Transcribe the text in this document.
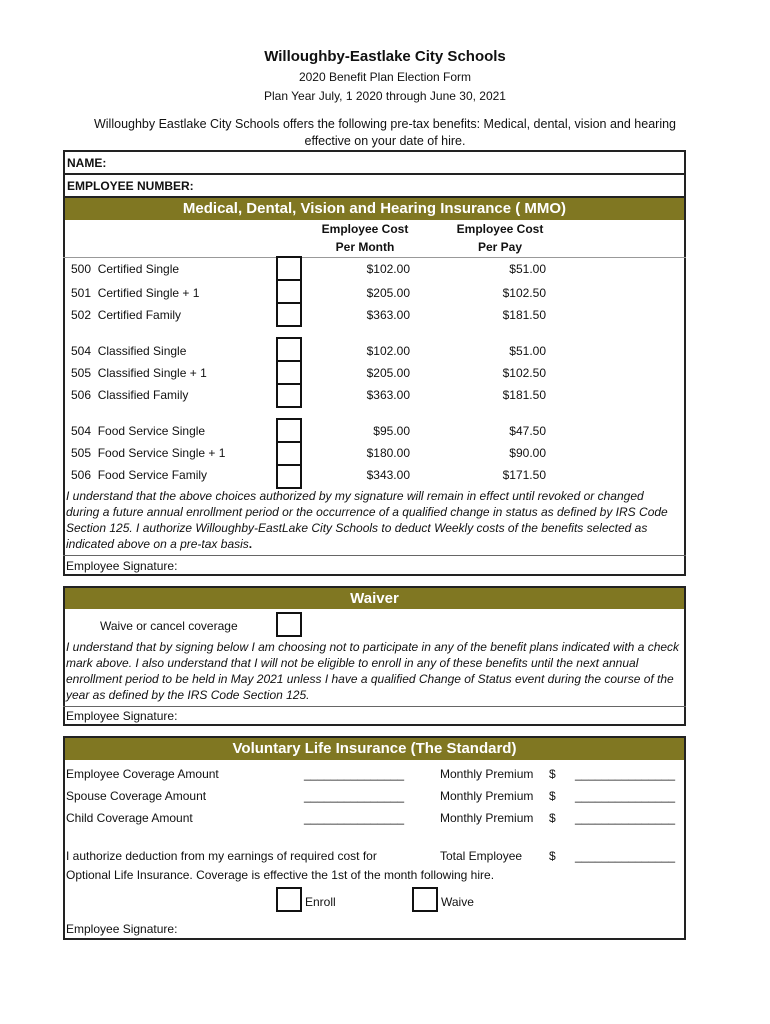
Willoughby-Eastlake City Schools
2020 Benefit Plan Election Form
Plan Year July, 1 2020 through June 30, 2021
Willoughby Eastlake City Schools offers the following pre-tax benefits: Medical, dental, vision and hearing effective on your date of hire.
NAME:
EMPLOYEE NUMBER:
Medical, Dental, Vision and Hearing Insurance ( MMO)
Employee Cost
Per Month
Employee Cost
Per Pay
500  Certified Single	$102.00	$51.00
501  Certified Single + 1	$205.00	$102.50
502  Certified Family	$363.00	$181.50
504  Classified Single	$102.00	$51.00
505  Classified Single + 1	$205.00	$102.50
506  Classified Family	$363.00	$181.50
504  Food Service Single	$95.00	$47.50
505  Food Service Single + 1	$180.00	$90.00
506  Food Service Family	$343.00	$171.50
I understand that the above choices authorized by my signature will remain in effect until revoked or changed during a future annual enrollment period or the occurrence of a qualified change in status as defined by IRS Code Section 125. I authorize Willoughby-EastLake City Schools to deduct Weekly costs of the benefits selected as indicated above on a pre-tax basis.
Employee Signature:
Waiver
Waive or cancel coverage
I understand that by signing below I am choosing not to participate in any of the benefit plans indicated with a check mark above. I also understand that I will not be eligible to enroll in any of these benefits until the next annual enrollment period to be held in May 2021 unless I have a qualified Change of Status event during the course of the year as defined by the IRS Code Section 125.
Employee Signature:
Voluntary Life Insurance (The Standard)
Employee Coverage Amount	_______________	Monthly Premium $ _______________
Spouse Coverage Amount	_______________	Monthly Premium $ _______________
Child Coverage Amount	_______________	Monthly Premium $ _______________
I authorize deduction from my earnings of required cost for	Total Employee $ _______________
Optional Life Insurance. Coverage is effective the 1st of the month following hire.
Enroll	Waive
Employee Signature:
